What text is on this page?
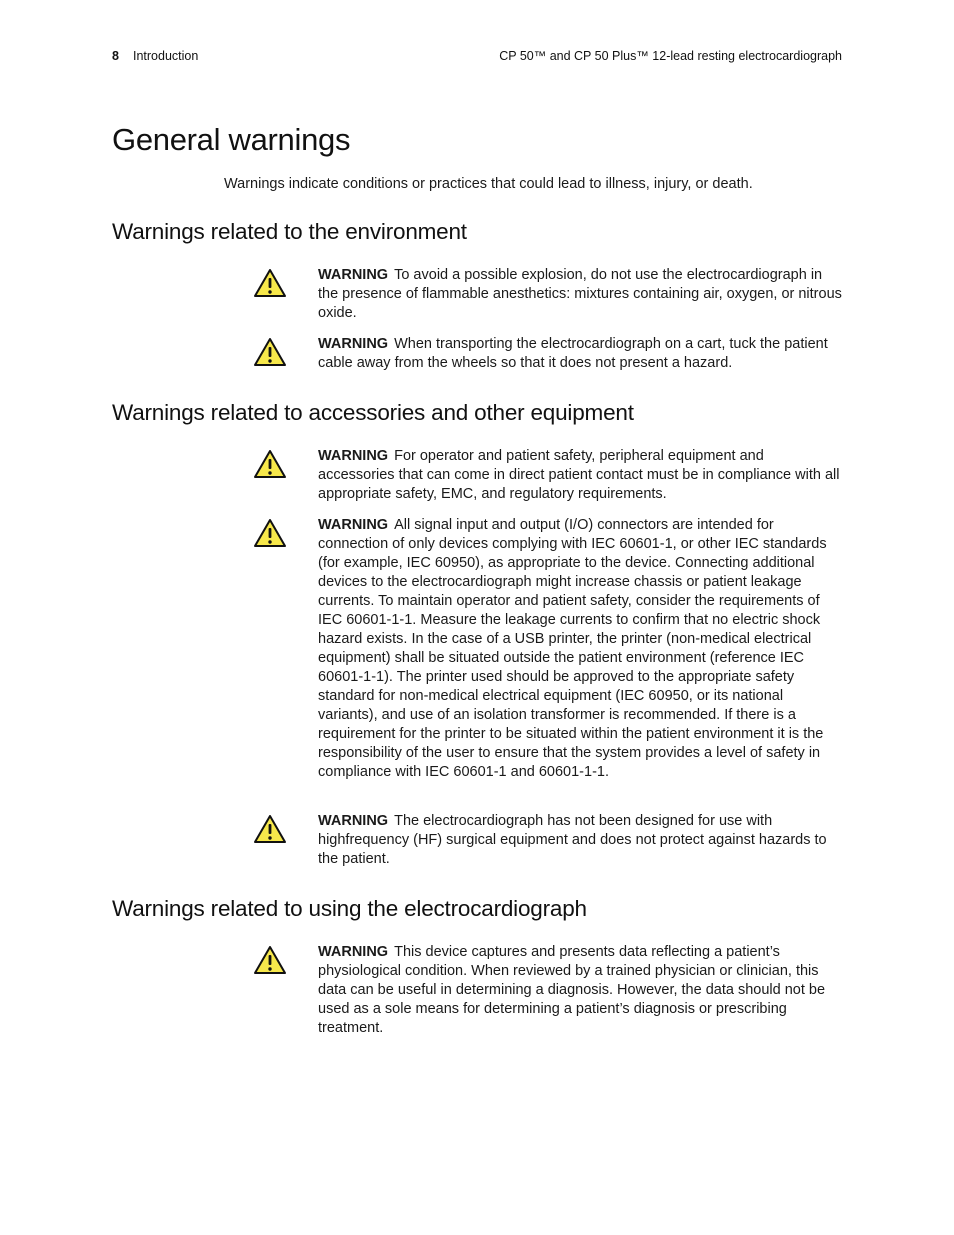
8 Introduction	CP 50™ and CP 50 Plus™ 12-lead resting electrocardiograph
General warnings

Warnings indicate conditions or practices that could lead to illness, injury, or death.

Warnings related to the environment
WARNING To avoid a possible explosion, do not use the electrocardiograph in the presence of flammable anesthetics: mixtures containing air, oxygen, or nitrous oxide.
WARNING When transporting the electrocardiograph on a cart, tuck the patient cable away from the wheels so that it does not present a hazard.
Warnings related to accessories and other equipment
WARNING For operator and patient safety, peripheral equipment and accessories that can come in direct patient contact must be in compliance with all appropriate safety, EMC, and regulatory requirements.
WARNING All signal input and output (I/O) connectors are intended for connection of only devices complying with IEC 60601-1, or other IEC standards (for example, IEC 60950), as appropriate to the device. Connecting additional devices to the electrocardiograph might increase chassis or patient leakage currents. To maintain operator and patient safety, consider the requirements of IEC 60601-1-1. Measure the leakage currents to confirm that no electric shock hazard exists. In the case of a USB printer, the printer (non-medical electrical equipment) shall be situated outside the patient environment (reference IEC 60601-1-1). The printer used should be approved to the appropriate safety standard for non-medical electrical equipment (IEC 60950, or its national variants), and use of an isolation transformer is recommended. If there is a requirement for the printer to be situated within the patient environment it is the responsibility of the user to ensure that the system provides a level of safety in compliance with IEC 60601-1 and 60601-1-1.
WARNING The electrocardiograph has not been designed for use with highfrequency (HF) surgical equipment and does not protect against hazards to the patient.
Warnings related to using the electrocardiograph
WARNING This device captures and presents data reflecting a patient’s physiological condition. When reviewed by a trained physician or clinician, this data can be useful in determining a diagnosis. However, the data should not be used as a sole means for determining a patient’s diagnosis or prescribing treatment.
